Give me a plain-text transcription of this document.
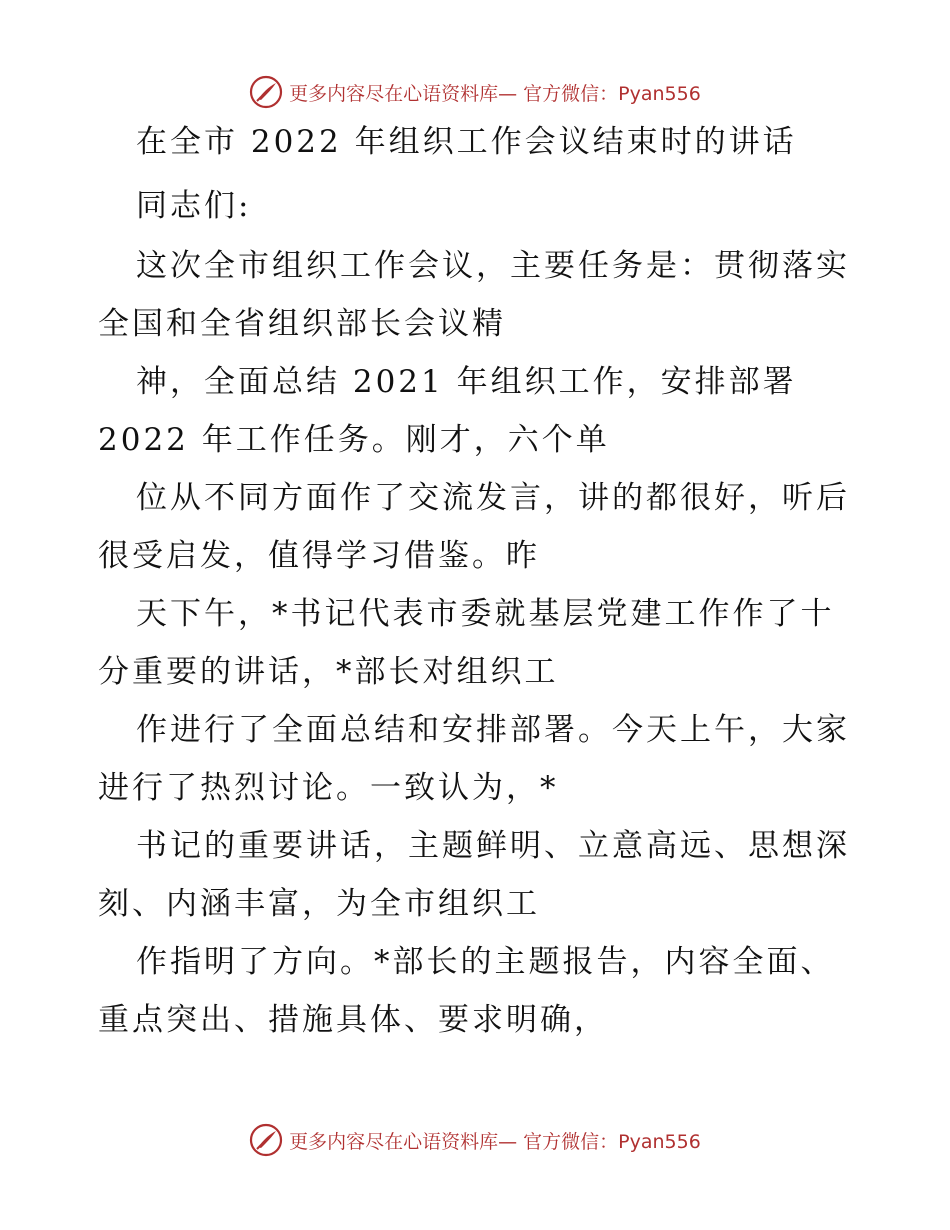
更多内容尽在心语资料库— 官方微信：Pyan556
在全市 2022 年组织工作会议结束时的讲话
同志们:
这次全市组织工作会议，主要任务是：贯彻落实
全国和全省组织部长会议精
神，全面总结 2021 年组织工作，安排部署
2022 年工作任务。刚才，六个单
位从不同方面作了交流发言，讲的都很好，听后
很受启发，值得学习借鉴。昨
天下午，*书记代表市委就基层党建工作作了十
分重要的讲话，*部长对组织工
作进行了全面总结和安排部署。今天上午，大家
进行了热烈讨论。一致认为，*
书记的重要讲话，主题鲜明、立意高远、思想深
刻、内涵丰富，为全市组织工
作指明了方向。*部长的主题报告，内容全面、
重点突出、措施具体、要求明确，
更多内容尽在心语资料库— 官方微信：Pyan556
